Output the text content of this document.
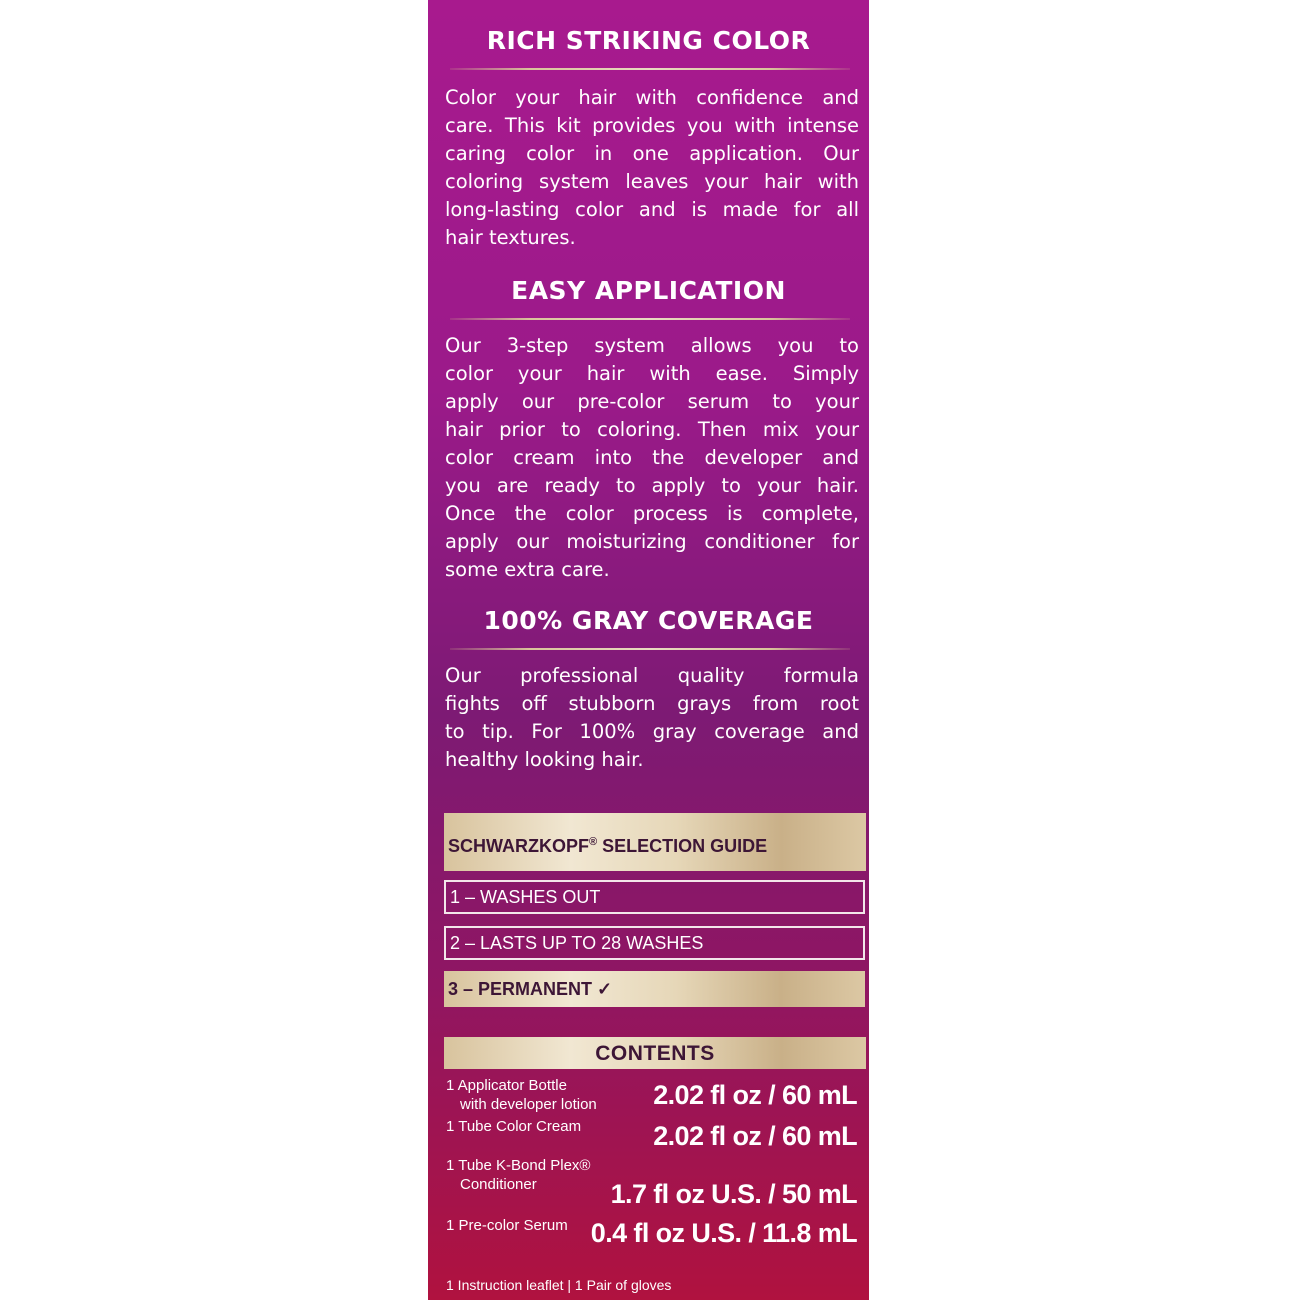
RICH STRIKING COLOR
Color your hair with confidence and
care. This kit provides you with intense
caring color in one application. Our
coloring system leaves your hair with
long-lasting color and is made for all
hair textures.
EASY APPLICATION
Our 3-step system allows you to
color your hair with ease. Simply
apply our pre-color serum to your
hair prior to coloring. Then mix your
color cream into the developer and
you are ready to apply to your hair.
Once the color process is complete,
apply our moisturizing conditioner for
some extra care.
100% GRAY COVERAGE
Our professional quality formula
fights off stubborn grays from root
to tip. For 100% gray coverage and
healthy looking hair.
SCHWARZKOPF® SELECTION GUIDE
1 – WASHES OUT
2 – LASTS UP TO 28 WASHES
3 – PERMANENT ✓
CONTENTS
1 Applicator Bottle
with developer lotion 2.02 fl oz / 60 mL
1 Tube Color Cream	2.02 fl oz / 60 mL
1 Tube K-Bond Plex®
Conditioner	1.7 fl oz U.S. / 50 mL
1 Pre-color Serum 0.4 fl oz U.S. / 11.8 mL
1 Instruction leaflet | 1 Pair of gloves
